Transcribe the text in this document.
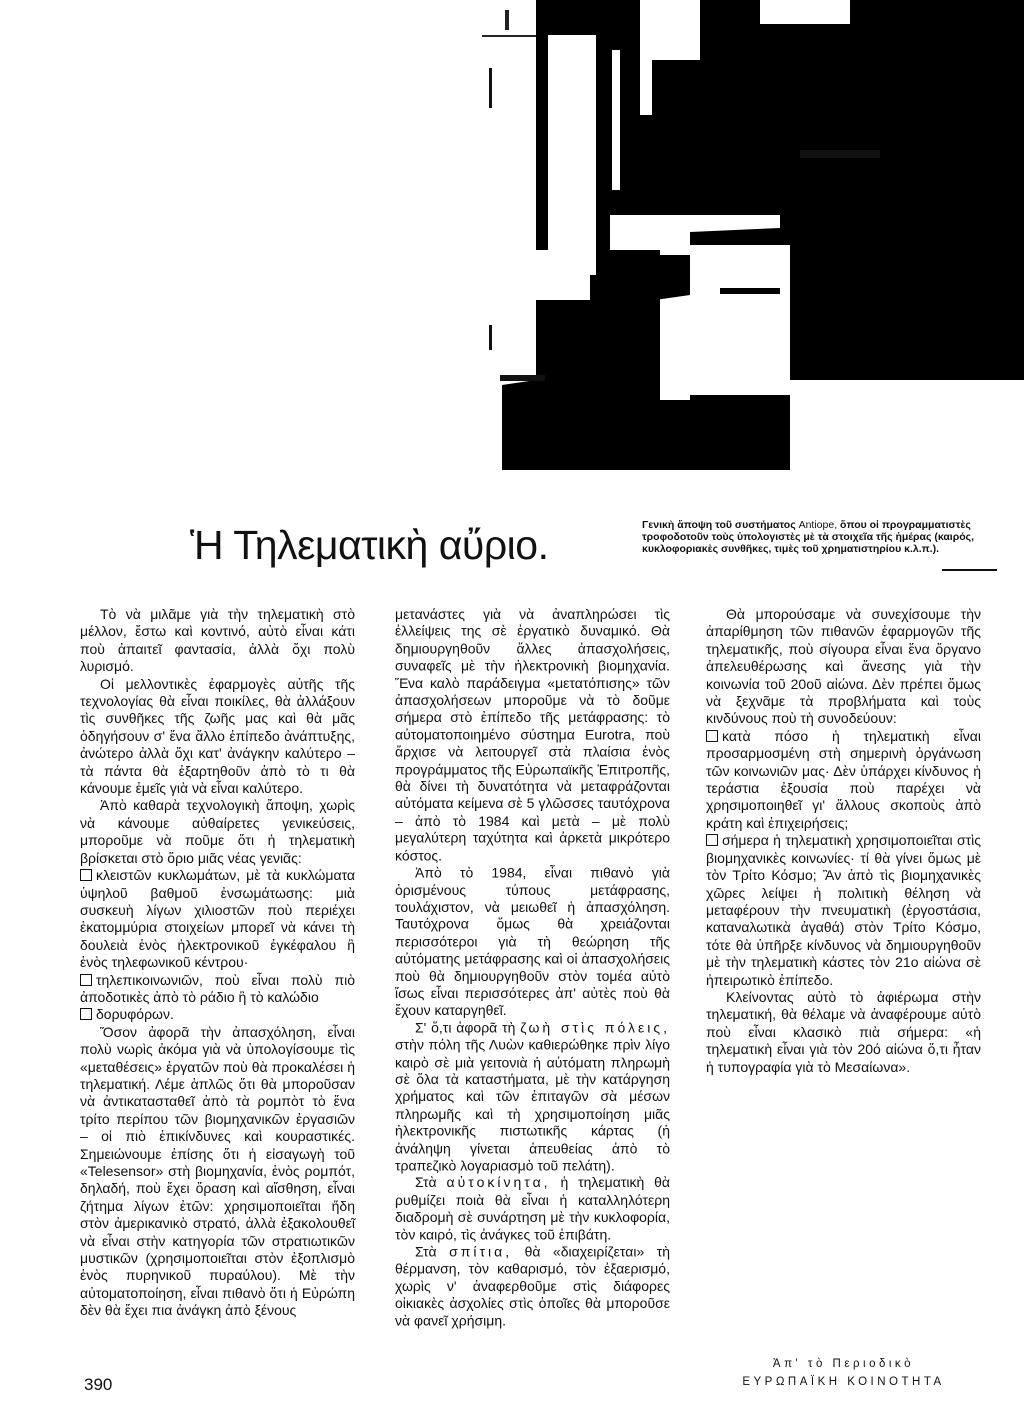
Ἡ Τηλεματικὴ αὔριο.	Γενικὴ ἄποψη τοῦ συστήματος Antiope, ὅπου οἱ προγραμματιστὲς τροφοδοτοῦν τοὺς ὑπολογιστὲς μὲ τὰ στοιχεῖα τῆς ἡμέρας (καιρός, κυκλοφοριακὲς συνθῆκες, τιμὲς τοῦ χρηματιστηρίου κ.λ.π.).

Τὸ νὰ μιλᾶμε γιὰ τὴν τηλεματικὴ στὸ μέλλον, ἔστω καὶ κοντινό, αὐτὸ εἶναι κάτι ποὺ ἀπαιτεῖ φαντασία, ἀλλὰ ὄχι πολὺ λυρισμό.

Οἱ μελλοντικὲς ἐφαρμογὲς αὐτῆς τῆς τεχνολογίας θὰ εἶναι ποικίλες, θὰ ἀλλάξουν τὶς συνθῆκες τῆς ζωῆς μας καὶ θὰ μᾶς ὁδηγήσουν σ' ἕνα ἄλλο ἐπίπεδο ἀνάπτυξης, ἀνώτερο ἀλλὰ ὄχι κατ' ἀνάγκην καλύτερο – τὰ πάντα θὰ ἐξαρτηθοῦν ἀπὸ τὸ τι θὰ κάνουμε ἐμεῖς γιὰ νὰ εἶναι καλύτερο.

Ἀπὸ καθαρὰ τεχνολογικὴ ἄποψη, χωρὶς νὰ κάνουμε αὐθαίρετες γενικεύσεις, μποροῦμε νὰ ποῦμε ὅτι ἡ τηλεματικὴ βρίσκεται στὸ ὅριο μιᾶς νέας γενιᾶς:

κλειστῶν κυκλωμάτων, μὲ τὰ κυκλώματα ὑψηλοῦ βαθμοῦ ἐνσωμάτωσης: μιὰ συσκευὴ λίγων χιλιοστῶν ποὺ περιέχει ἑκατομμύρια στοιχείων μπορεῖ νὰ κάνει τὴ δουλειὰ ἑνὸς ἠλεκτρονικοῦ ἐγκέφαλου ἢ ἑνὸς τηλεφωνικοῦ κέντρου·

τηλεπικοινωνιῶν, ποὺ εἶναι πολὺ πιὸ ἀποδοτικὲς ἀπὸ τὸ ράδιο ἢ τὸ καλώδιο

δορυφόρων.

Ὅσον ἀφορᾶ τὴν ἀπασχόληση, εἶναι πολὺ νωρὶς ἀκόμα γιὰ νὰ ὑπολογίσουμε τὶς «μεταθέσεις» ἐργατῶν ποὺ θὰ προκαλέσει ἡ τηλεματική. Λέμε ἁπλῶς ὅτι θὰ μποροῦσαν νὰ ἀντικατασταθεῖ ἀπὸ τὰ ρομπὸτ τὸ ἕνα τρίτο περίπου τῶν βιομηχανικῶν ἐργασιῶν – οἱ πιὸ ἐπικίνδυνες καὶ κουραστικές. Σημειώνουμε ἐπίσης ὅτι ἡ εἰσαγωγὴ τοῦ «Telesensor» στὴ βιομηχανία, ἑνὸς ρομπότ, δηλαδή, ποὺ ἔχει ὅραση καὶ αἴσθηση, εἶναι ζήτημα λίγων ἐτῶν: χρησιμοποιεῖται ἤδη στὸν ἀμερικανικὸ στρατό, ἀλλὰ ἐξακολουθεῖ νὰ εἶναι στὴν κατηγορία τῶν στρατιωτικῶν μυστικῶν (χρησιμοποιεῖται στὸν ἐξοπλισμὸ ἑνὸς πυρηνικοῦ πυραύλου). Μὲ τὴν αὐτοματοποίηση, εἶναι πιθανὸ ὅτι ἡ Εὐρώπη δὲν θὰ ἔχει πια ἀνάγκη ἀπὸ ξένους

μετανάστες γιὰ νὰ ἀναπληρώσει τὶς ἐλλείψεις της σὲ ἐργατικὸ δυναμικό. Θὰ δημιουργηθοῦν ἄλλες ἀπασχολήσεις, συναφεῖς μὲ τὴν ἠλεκτρονικὴ βιομηχανία. Ἕνα καλὸ παράδειγμα «μετατόπισης» τῶν ἀπασχολήσεων μποροῦμε νὰ τὸ δοῦμε σήμερα στὸ ἐπίπεδο τῆς μετάφρασης: τὸ αὐτοματοποιημένο σύστημα Eurotra, ποὺ ἄρχισε νὰ λειτουργεῖ στὰ πλαίσια ἑνὸς προγράμματος τῆς Εὐρωπαϊκῆς Ἐπιτροπῆς, θὰ δίνει τὴ δυνατότητα νὰ μεταφράζονται αὐτόματα κείμενα σὲ 5 γλῶσσες ταυτόχρονα – ἀπὸ τὸ 1984 καὶ μετὰ – μὲ πολὺ μεγαλύτερη ταχύτητα καὶ ἀρκετὰ μικρότερο κόστος.

Ἀπὸ τὸ 1984, εἶναι πιθανὸ γιὰ ὁρισμένους τύπους μετάφρασης, τουλάχιστον, νὰ μειωθεῖ ἡ ἀπασχόληση. Ταυτόχρονα ὅμως θὰ χρειάζονται περισσότεροι γιὰ τὴ θεώρηση τῆς αὐτόματης μετάφρασης καὶ οἱ ἀπασχολήσεις ποὺ θὰ δημιουργηθοῦν στὸν τομέα αὐτὸ ἴσως εἶναι περισσότερες ἀπ' αὐτὲς ποὺ θὰ ἔχουν καταργηθεῖ.

Σ' ὅ,τι ἀφορᾶ τὴ ζωὴ στὶς πόλεις, στὴν πόλη τῆς Λυὼν καθιερώθηκε πρὶν λίγο καιρὸ σὲ μιὰ γειτονιὰ ἡ αὐτόματη πληρωμὴ σὲ ὅλα τὰ καταστήματα, μὲ τὴν κατάργηση χρήματος καὶ τῶν ἐπιταγῶν σὰ μέσων πληρωμῆς καὶ τὴ χρησιμοποίηση μιᾶς ἠλεκτρονικῆς πιστωτικῆς κάρτας (ἡ ἀνάληψη γίνεται ἀπευθείας ἀπὸ τὸ τραπεζικὸ λογαριασμὸ τοῦ πελάτη).

Στὰ αὐτοκίνητα, ἡ τηλεματικὴ θὰ ρυθμίζει ποιὰ θὰ εἶναι ἡ καταλληλότερη διαδρομὴ σὲ συνάρτηση μὲ τὴν κυκλοφορία, τὸν καιρό, τὶς ἀνάγκες τοῦ ἐπιβάτη.

Στὰ σπίτια, θὰ «διαχειρίζεται» τὴ θέρμανση, τὸν καθαρισμό, τὸν ἐξαερισμό, χωρὶς ν' ἀναφερθοῦμε στὶς διάφορες οἰκιακὲς ἀσχολίες στὶς ὁποῖες θὰ μποροῦσε νὰ φανεῖ χρήσιμη.

Θὰ μπορούσαμε νὰ συνεχίσουμε τὴν ἀπαρίθμηση τῶν πιθανῶν ἐφαρμογῶν τῆς τηλεματικῆς, ποὺ σίγουρα εἶναι ἕνα ὄργανο ἀπελευθέρωσης καὶ ἄνεσης γιὰ τὴν κοινωνία τοῦ 20οῦ αἰώνα. Δὲν πρέπει ὅμως νὰ ξεχνᾶμε τὰ προβλήματα καὶ τοὺς κινδύνους ποὺ τὴ συνοδεύουν:

κατὰ πόσο ἡ τηλεματικὴ εἶναι προσαρμοσμένη στὴ σημερινὴ ὀργάνωση τῶν κοινωνιῶν μας· Δὲν ὑπάρχει κίνδυνος ἡ τεράστια ἐξουσία ποὺ παρέχει νὰ χρησιμοποιηθεῖ γι' ἄλλους σκοποὺς ἀπὸ κράτη καὶ ἐπιχειρήσεις;

σήμερα ἡ τηλεματικὴ χρησιμοποιεῖται στὶς βιομηχανικὲς κοινωνίες· τί θὰ γίνει ὅμως μὲ τὸν Τρίτο Κόσμο; Ἂν ἀπὸ τὶς βιομηχανικὲς χῶρες λείψει ἡ πολιτικὴ θέληση νὰ μεταφέρουν τὴν πνευματικὴ (ἐργοστάσια, καταναλωτικὰ ἀγαθά) στὸν Τρίτο Κόσμο, τότε θὰ ὑπῆρξε κίνδυνος νὰ δημιουργηθοῦν μὲ τὴν τηλεματικὴ κάστες τὸν 21ο αἰώνα σὲ ἠπειρωτικὸ ἐπίπεδο.

Κλείνοντας αὐτὸ τὸ ἀφιέρωμα στὴν τηλεματική, θὰ θέλαμε νὰ ἀναφέρουμε αὐτὸ ποὺ εἶναι κλασικὸ πιὰ σήμερα: «ἡ τηλεματικὴ εἶναι γιὰ τὸν 20ό αἰώνα ὅ,τι ἦταν ἡ τυπογραφία γιὰ τὸ Μεσαίωνα».

Ἀπ' τὸ Περιοδικὸ
ΕΥΡΩΠΑΪΚΗ ΚΟΙΝΟΤΗΤΑ
390
